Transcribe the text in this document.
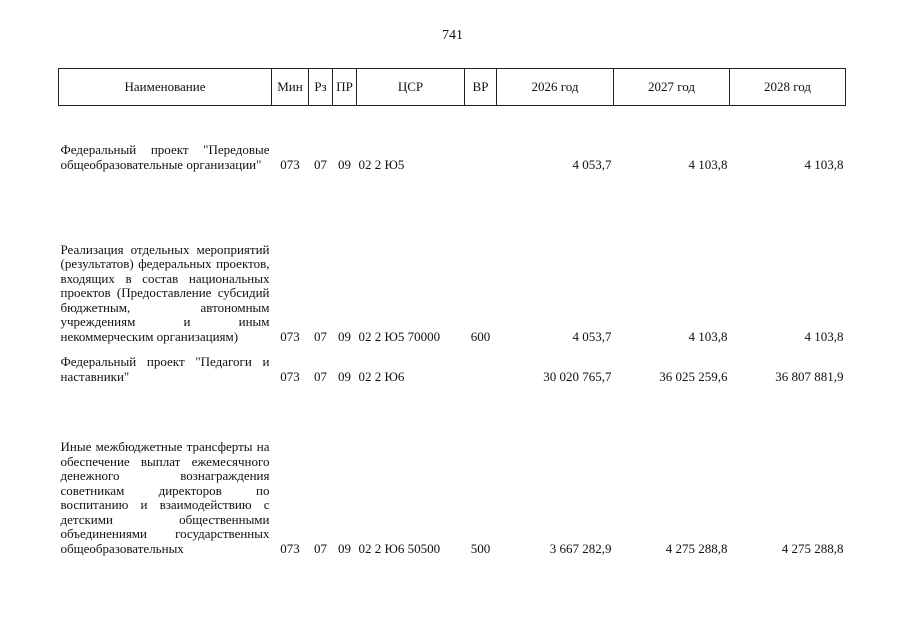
741
Наименование	Мин	Рз	ПР	ЦСР	ВР	2026 год	2027 год	2028 год
Федеральный проект "Передовые общеобразовательные организации"	073	07	09	02 2 Ю5		4 053,7	4 103,8	4 103,8
Реализация отдельных мероприятий (результатов) федеральных проектов, входящих в состав национальных проектов (Предоставление субсидий бюджетным, автономным учреждениям и иным некоммерческим организациям)	073	07	09	02 2 Ю5 70000	600	4 053,7	4 103,8	4 103,8
Федеральный проект "Педагоги и наставники"	073	07	09	02 2 Ю6		30 020 765,7	36 025 259,6	36 807 881,9
Иные межбюджетные трансферты на обеспечение выплат ежемесячного денежного вознаграждения советникам директоров по воспитанию и взаимодействию с детскими общественными объединениями государственных общеобразовательных	073	07	09	02 2 Ю6 50500	500	3 667 282,9	4 275 288,8	4 275 288,8
